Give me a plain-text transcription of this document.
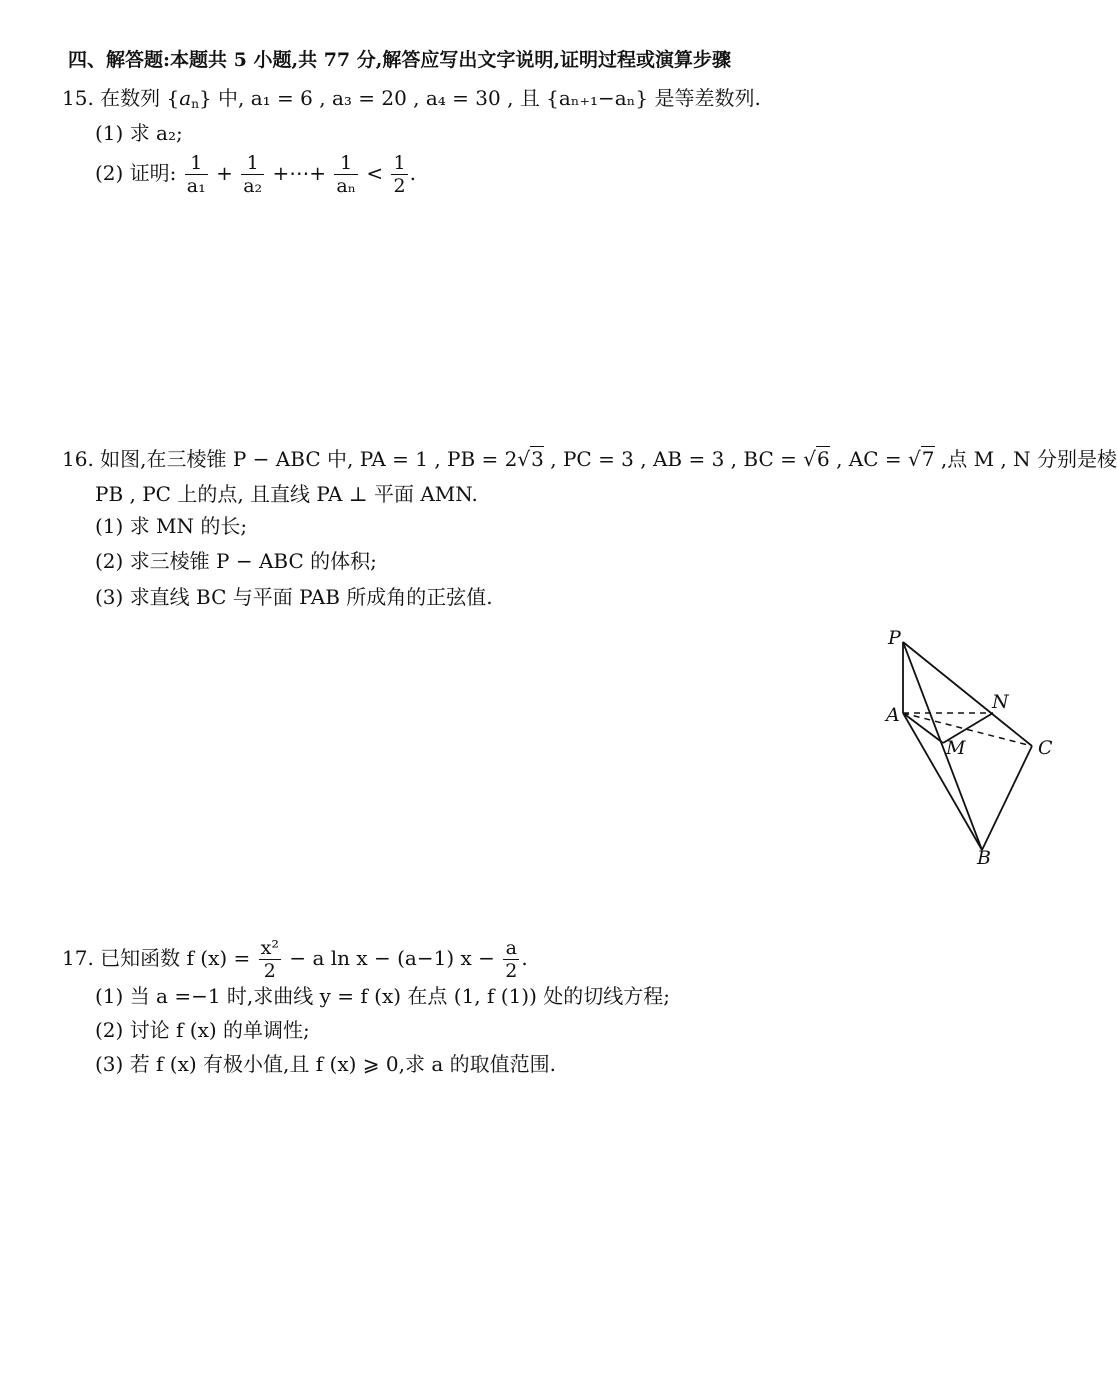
四、解答题:本题共 5 小题,共 77 分,解答应写出文字说明,证明过程或演算步骤
15. 在数列 $\{a_n\}$ 中, a₁ = 6 , a₃ = 20 , a₄ = 30 , 且 {aₙ₊₁−aₙ} 是等差数列.
(1) 求 a₂;
(2) 证明: $\frac{1}{\text{a₁}} + \frac{1}{\text{a₂}}$ +⋯+ $\frac{1}{\text{aₙ}} < \frac{1}{2}$ .
16. 如图,在三棱锥 P − ABC 中, PA = 1 , PB = 2√3 , PC = 3 , AB = 3 , BC = √6 , AC = √7 ,点 M , N 分别是棱
PB , PC 上的点, 且直线 PA ⊥ 平面 AMN.
(1) 求 MN 的长;
(2) 求三棱锥 P − ABC 的体积;
(3) 求直线 BC 与平面 PAB 所成角的正弦值.
P
A
M
N
C
B
17. 已知函数 f $(x) = \frac{\text{x²}}{2} - a$ ln x − (a−1) $x - \frac{a}{2}$ .
(1) 当 a =−1 时,求曲线 y = f (x) 在点 (1, f (1)) 处的切线方程;
(2) 讨论 f (x) 的单调性;
(3) 若 f (x) 有极小值,且 f (x) ⩾ 0,求 a 的取值范围.
